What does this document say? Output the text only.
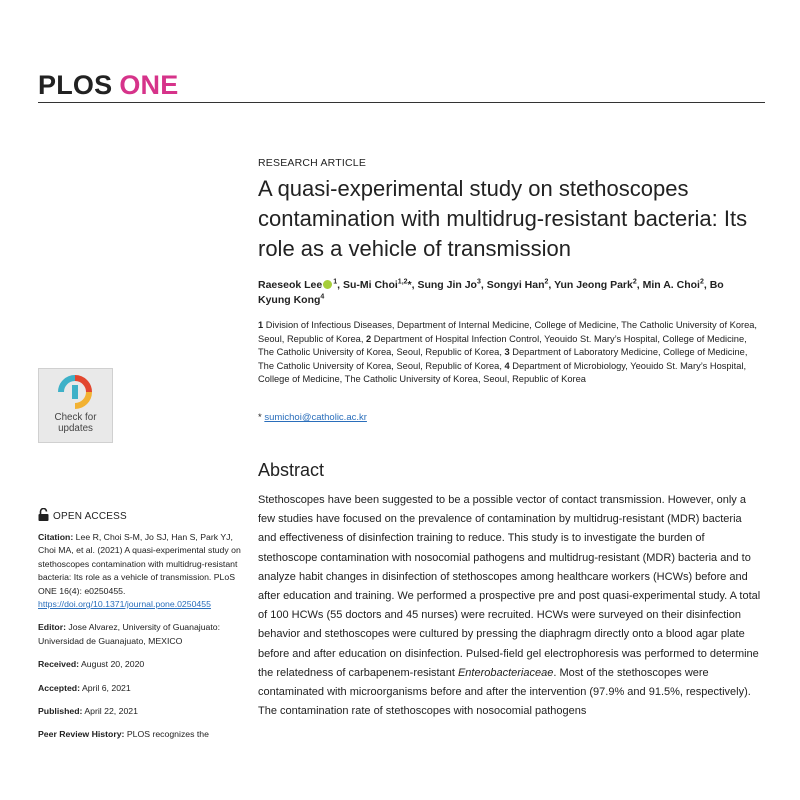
PLOS ONE
RESEARCH ARTICLE
A quasi-experimental study on stethoscopes contamination with multidrug-resistant bacteria: Its role as a vehicle of transmission
Raeseok Lee $^1$, Su-Mi Choi$^{1,2}$*, Sung Jin Jo$^3$, Songyi Han$^2$, Yun Jeong Park$^2$, Min A. Choi$^2$, Bo Kyung Kong$^4$
1 Division of Infectious Diseases, Department of Internal Medicine, College of Medicine, The Catholic University of Korea, Seoul, Republic of Korea, 2 Department of Hospital Infection Control, Yeouido St. Mary’s Hospital, College of Medicine, The Catholic University of Korea, Seoul, Republic of Korea, 3 Department of Laboratory Medicine, College of Medicine, The Catholic University of Korea, Seoul, Republic of Korea, 4 Department of Microbiology, Yeouido St. Mary’s Hospital, College of Medicine, The Catholic University of Korea, Seoul, Republic of Korea
* sumichoi@catholic.ac.kr
Abstract
Stethoscopes have been suggested to be a possible vector of contact transmission. However, only a few studies have focused on the prevalence of contamination by multidrug-resistant (MDR) bacteria and effectiveness of disinfection training to reduce. This study is to investigate the burden of stethoscope contamination with nosocomial pathogens and multidrug-resistant (MDR) bacteria and to analyze habit changes in disinfection of stethoscopes among healthcare workers (HCWs) before and after education and training. We performed a prospective pre and post quasi-experimental study. A total of 100 HCWs (55 doctors and 45 nurses) were recruited. HCWs were surveyed on their disinfection behavior and stethoscopes were cultured by pressing the diaphragm directly onto a blood agar plate before and after education on disinfection. Pulsed-field gel electrophoresis was performed to determine the relatedness of carbapenem-resistant Enterobacteriaceae. Most of the stethoscopes were contaminated with microorganisms before and after the intervention (97.9% and 91.5%, respectively). The contamination rate of stethoscopes with nosocomial pathogens
Check for
updates
OPEN ACCESS

Citation: Lee R, Choi S-M, Jo SJ, Han S, Park YJ, Choi MA, et al. (2021) A quasi-experimental study on stethoscopes contamination with multidrug-resistant bacteria: Its role as a vehicle of transmission. PLoS ONE 16(4): e0250455. https://doi.org/10.1371/journal.pone.0250455

Editor: Jose Alvarez, University of Guanajuato: Universidad de Guanajuato, MEXICO

Received: August 20, 2020

Accepted: April 6, 2021

Published: April 22, 2021

Peer Review History: PLOS recognizes the
